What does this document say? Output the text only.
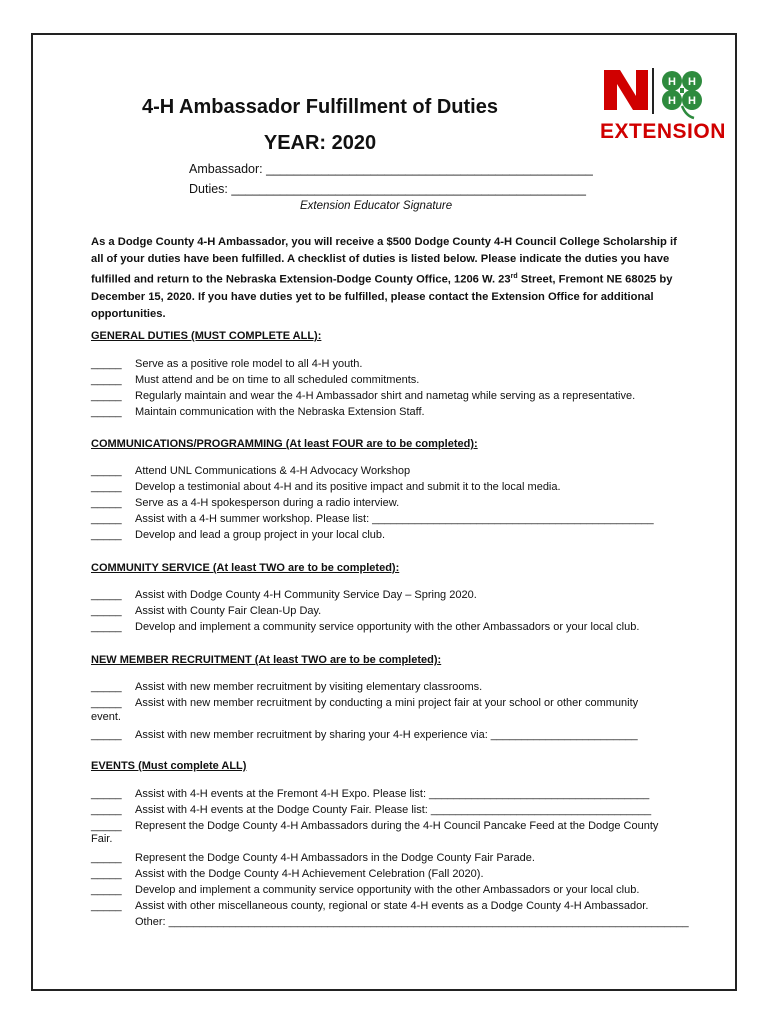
4-H Ambassador Fulfillment of Duties
YEAR: 2020
H H
H H
EXTENSION
Ambassador: _______________________________________________
Duties: ___________________________________________________
Extension Educator Signature
As a Dodge County 4-H Ambassador, you will receive a $500 Dodge County 4-H Council College Scholarship if all of your duties have been fulfilled. A checklist of duties is listed below. Please indicate the duties you have fulfilled and return to the Nebraska Extension-Dodge County Office, 1206 W. 23rd Street, Fremont NE 68025 by December 15, 2020. If you have duties yet to be fulfilled, please contact the Extension Office for additional opportunities.
GENERAL DUTIES (MUST COMPLETE ALL):
COMMUNICATIONS/PROGRAMMING (At least FOUR are to be completed):
COMMUNITY SERVICE (At least TWO are to be completed):
NEW MEMBER RECRUITMENT (At least TWO are to be completed):
event.
EVENTS (Must complete ALL)
Fair.
_____ Serve as a positive role model to all 4-H youth.
_____ Must attend and be on time to all scheduled commitments.
_____ Regularly maintain and wear the 4-H Ambassador shirt and nametag while serving as a representative.
_____ Maintain communication with the Nebraska Extension Staff.
_____ Attend UNL Communications & 4-H Advocacy Workshop
_____ Develop a testimonial about 4-H and its positive impact and submit it to the local media.
_____ Serve as a 4-H spokesperson during a radio interview.
_____ Assist with a 4-H summer workshop. Please list: ______________________________________________
_____ Develop and lead a group project in your local club.
_____ Assist with Dodge County 4-H Community Service Day – Spring 2020.
_____ Assist with County Fair Clean-Up Day.
_____ Develop and implement a community service opportunity with the other Ambassadors or your local club.
_____ Assist with new member recruitment by visiting elementary classrooms.
_____ Assist with new member recruitment by conducting a mini project fair at your school or other community
_____ Assist with new member recruitment by sharing your 4-H experience via: ________________________
_____ Assist with 4-H events at the Fremont 4-H Expo. Please list: ____________________________________
_____ Assist with 4-H events at the Dodge County Fair. Please list: ____________________________________
_____ Represent the Dodge County 4-H Ambassadors during the 4-H Council Pancake Feed at the Dodge County
_____ Represent the Dodge County 4-H Ambassadors in the Dodge County Fair Parade.
_____ Assist with the Dodge County 4-H Achievement Celebration (Fall 2020).
_____ Develop and implement a community service opportunity with the other Ambassadors or your local club.
_____ Assist with other miscellaneous county, regional or state 4-H events as a Dodge County 4-H Ambassador.
Other: _____________________________________________________________________________________
